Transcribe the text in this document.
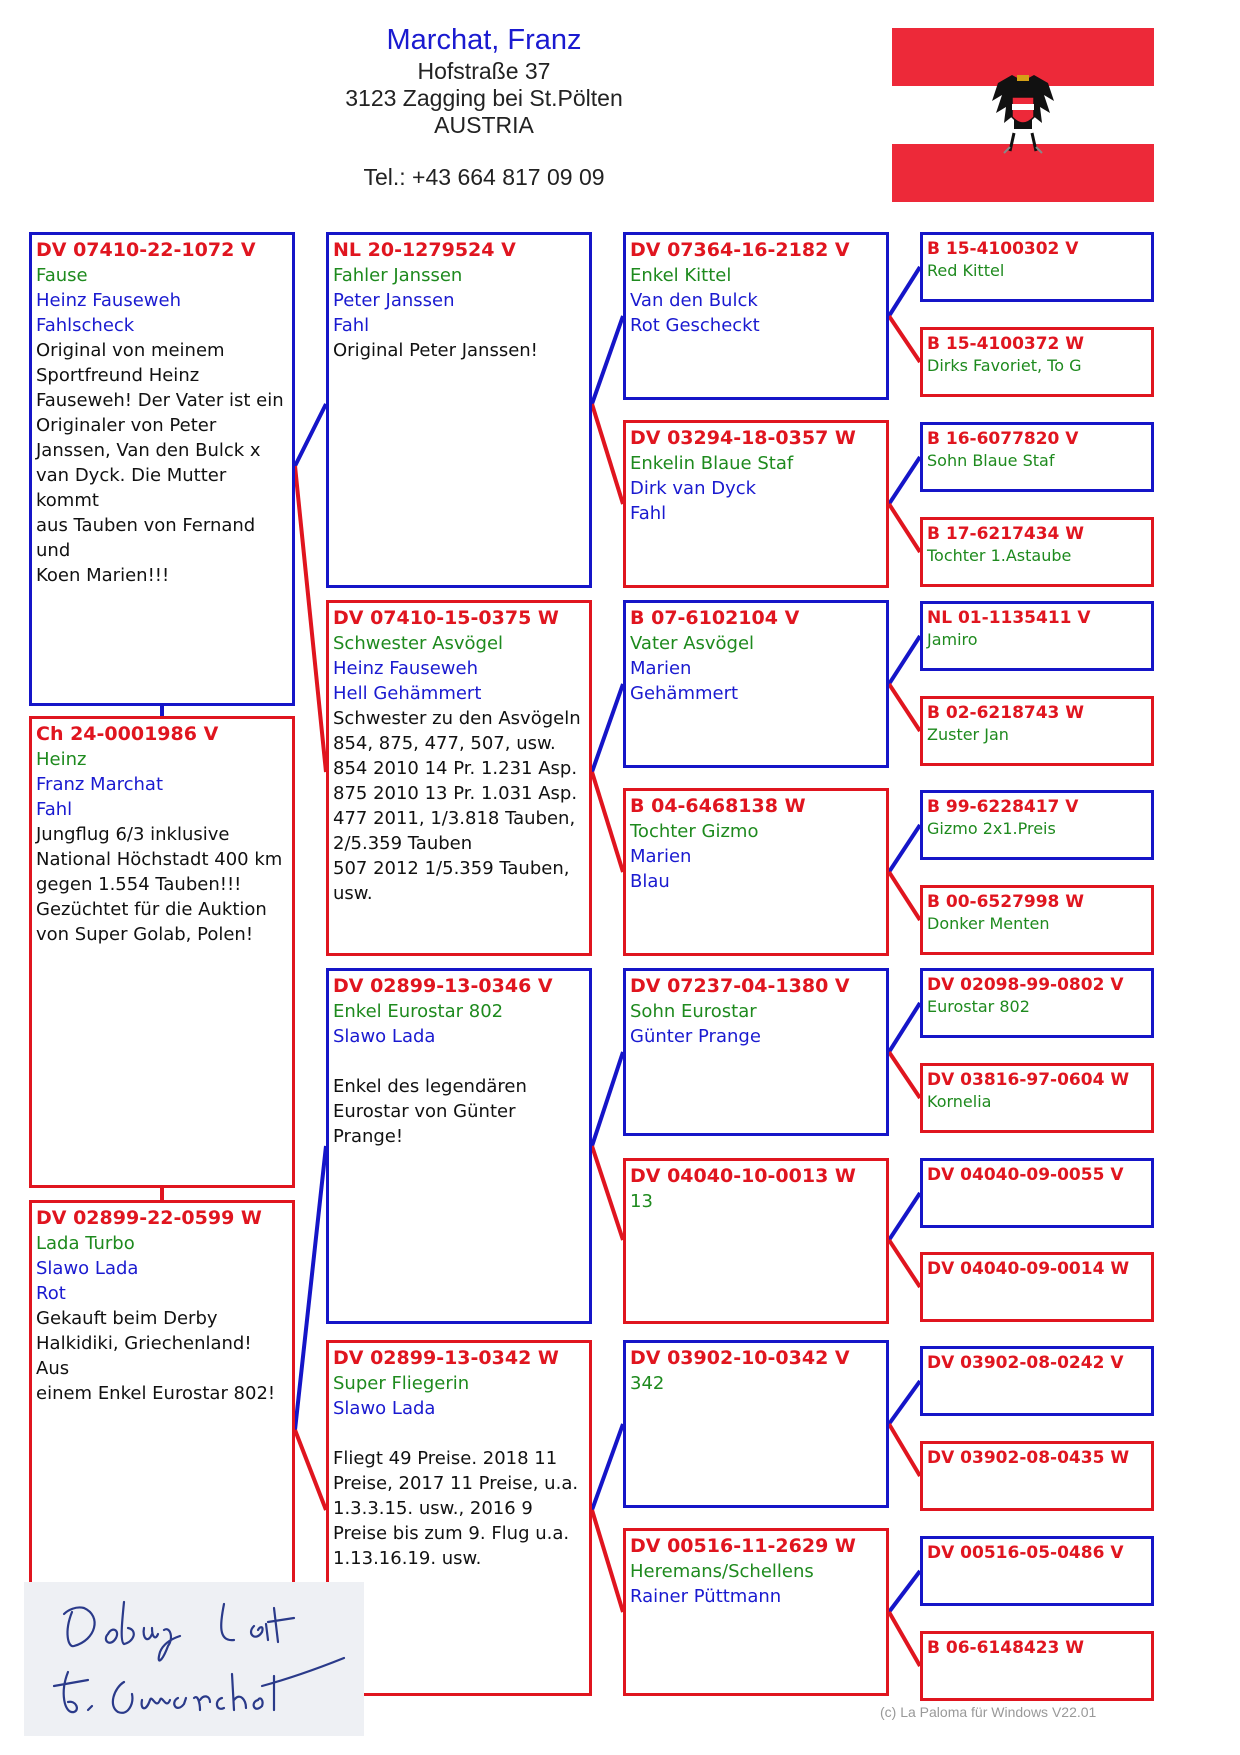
Marchat, Franz
Hofstraße 37
3123 Zagging bei St.Pölten
AUSTRIA
Tel.: +43 664 817 09 09
DV 07410-22-1072 V
Fause
Heinz Fauseweh
Fahlscheck
Original von meinem
Sportfreund Heinz
Fauseweh! Der Vater ist ein
Originaler von Peter
Janssen, Van den Bulck x
van Dyck. Die Mutter kommt
aus Tauben von Fernand und
Koen Marien!!!
Ch 24-0001986 V
Heinz
Franz Marchat
Fahl
Jungflug 6/3 inklusive
National Höchstadt 400 km
gegen 1.554 Tauben!!!
Gezüchtet für die Auktion
von Super Golab, Polen!
DV 02899-22-0599 W
Lada Turbo
Slawo Lada
Rot
Gekauft beim Derby
Halkidiki, Griechenland! Aus
einem Enkel Eurostar 802!
NL 20-1279524 V
Fahler Janssen
Peter Janssen
Fahl
Original Peter Janssen!
DV 07410-15-0375 W
Schwester Asvögel
Heinz Fauseweh
Hell Gehämmert
Schwester zu den Asvögeln
854, 875, 477, 507, usw.
854 2010 14 Pr. 1.231 Asp.
875 2010 13 Pr. 1.031 Asp.
477 2011, 1/3.818 Tauben,
2/5.359 Tauben
507 2012 1/5.359 Tauben,
usw.
DV 02899-13-0346 V
Enkel Eurostar 802
Slawo Lada

Enkel des legendären
Eurostar von Günter Prange!
DV 02899-13-0342 W
Super Fliegerin
Slawo Lada

Fliegt 49 Preise. 2018 11
Preise, 2017 11 Preise, u.a.
1.3.3.15. usw., 2016 9
Preise bis zum 9. Flug u.a.
1.13.16.19. usw.
DV 07364-16-2182 V
Enkel Kittel
Van den Bulck
Rot Gescheckt
DV 03294-18-0357 W
Enkelin Blaue Staf
Dirk van Dyck
Fahl
B 07-6102104 V
Vater Asvögel
Marien
Gehämmert
B 04-6468138 W
Tochter Gizmo
Marien
Blau
DV 07237-04-1380 V
Sohn Eurostar
Günter Prange
DV 04040-10-0013 W
13
DV 03902-10-0342 V
342
DV 00516-11-2629 W
Heremans/Schellens
Rainer Püttmann
B 15-4100302 V
Red Kittel
B 15-4100372 W
Dirks Favoriet, To G
B 16-6077820 V
Sohn Blaue Staf
B 17-6217434 W
Tochter 1.Astaube
NL 01-1135411 V
Jamiro
B 02-6218743 W
Zuster Jan
B 99-6228417 V
Gizmo 2x1.Preis
B 00-6527998 W
Donker Menten
DV 02098-99-0802 V
Eurostar 802
DV 03816-97-0604 W
Kornelia
DV 04040-09-0055 V
DV 04040-09-0014 W
DV 03902-08-0242 V
DV 03902-08-0435 W
DV 00516-05-0486 V
B 06-6148423 W
(c) La Paloma für Windows V22.01
